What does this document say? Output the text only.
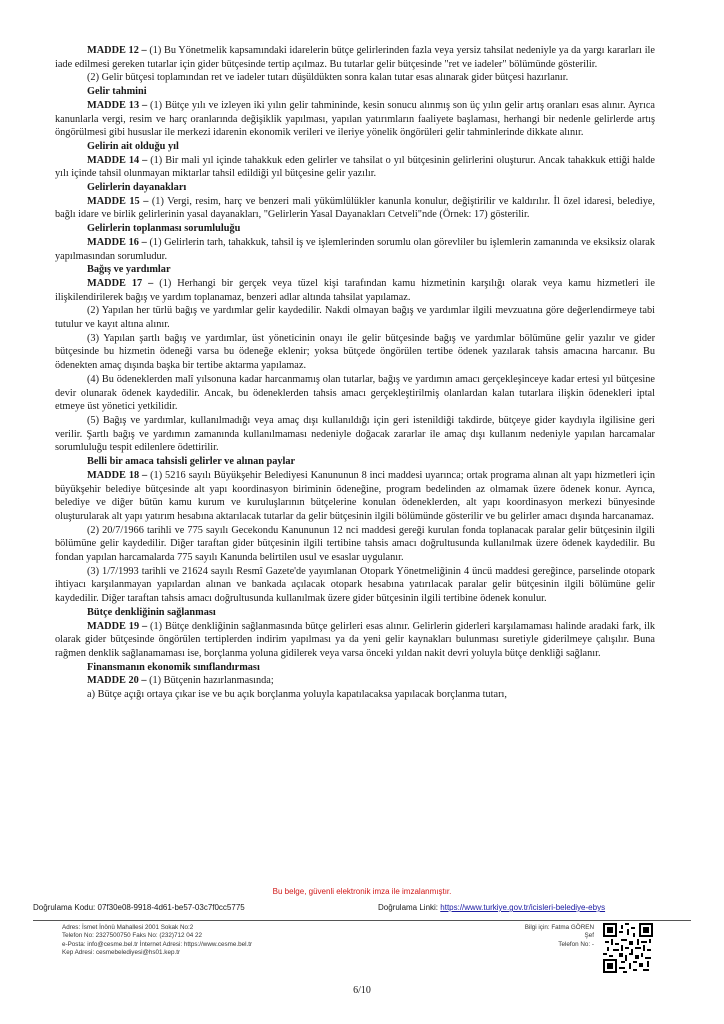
MADDE 12 – (1) Bu Yönetmelik kapsamındaki idarelerin bütçe gelirlerinden fazla veya yersiz tahsilat nedeniyle ya da yargı kararları ile iade edilmesi gereken tutarlar için gider bütçesinde tertip açılmaz. Bu tutarlar gelir bütçesinde "ret ve iadeler" bölümünde gösterilir.

(2) Gelir bütçesi toplamından ret ve iadeler tutarı düşüldükten sonra kalan tutar esas alınarak gider bütçesi hazırlanır.

Gelir tahmini

MADDE 13 – (1) Bütçe yılı ve izleyen iki yılın gelir tahmininde, kesin sonucu alınmış son üç yılın gelir artış oranları esas alınır. Ayrıca kanunlarla vergi, resim ve harç oranlarında değişiklik yapılması, yapılan yatırımların faaliyete başlaması, herhangi bir nedenle gelirlerde artış öngörülmesi gibi hususlar ile merkezi idarenin ekonomik verileri ve ileriye yönelik öngörüleri gelir tahminlerinde dikkate alınır.

Gelirin ait olduğu yıl

MADDE 14 – (1) Bir mali yıl içinde tahakkuk eden gelirler ve tahsilat o yıl bütçesinin gelirlerini oluşturur. Ancak tahakkuk ettiği halde yılı içinde tahsil olunmayan miktarlar tahsil edildiği yıl bütçesine gelir yazılır.

Gelirlerin dayanakları

MADDE 15 – (1) Vergi, resim, harç ve benzeri mali yükümlülükler kanunla konulur, değiştirilir ve kaldırılır. İl özel idaresi, belediye, bağlı idare ve birlik gelirlerinin yasal dayanakları, "Gelirlerin Yasal Dayanakları Cetveli"nde (Örnek: 17) gösterilir.

Gelirlerin toplanması sorumluluğu

MADDE 16 – (1) Gelirlerin tarh, tahakkuk, tahsil iş ve işlemlerinden sorumlu olan görevliler bu işlemlerin zamanında ve eksiksiz olarak yapılmasından sorumludur.

Bağış ve yardımlar

MADDE 17 – (1) Herhangi bir gerçek veya tüzel kişi tarafından kamu hizmetinin karşılığı olarak veya kamu hizmetleri ile ilişkilendirilerek bağış ve yardım toplanamaz, benzeri adlar altında tahsilat yapılamaz.

(2) Yapılan her türlü bağış ve yardımlar gelir kaydedilir. Nakdi olmayan bağış ve yardımlar ilgili mevzuatına göre değerlendirmeye tabi tutulur ve kayıt altına alınır.

(3) Yapılan şartlı bağış ve yardımlar, üst yöneticinin onayı ile gelir bütçesinde bağış ve yardımlar bölümüne gelir yazılır ve gider bütçesinde bu hizmetin ödeneği varsa bu ödeneğe eklenir; yoksa bütçede öngörülen tertibe ödenek yazılarak tahsis amacına harcanır. Bu ödenekten amaç dışında başka bir tertibe aktarma yapılamaz.

(4) Bu ödeneklerden malî yılsonuna kadar harcanmamış olan tutarlar, bağış ve yardımın amacı gerçekleşinceye kadar ertesi yıl bütçesine devir olunarak ödenek kaydedilir. Ancak, bu ödeneklerden tahsis amacı gerçekleştirilmiş olanlardan kalan tutarlara ilişkin ödenekleri iptal etmeye üst yönetici yetkilidir.

(5) Bağış ve yardımlar, kullanılmadığı veya amaç dışı kullanıldığı için geri istenildiği takdirde, bütçeye gider kaydıyla ilgilisine geri verilir. Şartlı bağış ve yardımın zamanında kullanılmaması nedeniyle doğacak zararlar ile amaç dışı kullanım nedeniyle yapılan harcamalar sorumluluğu tespit edilenlere ödettirilir.

Belli bir amaca tahsisli gelirler ve alınan paylar

MADDE 18 – (1) 5216 sayılı Büyükşehir Belediyesi Kanununun 8 inci maddesi uyarınca; ortak programa alınan alt yapı hizmetleri için büyükşehir belediye bütçesinde alt yapı koordinasyon biriminin ödeneğine, program bedelinden az olmamak üzere ödenek konur. Ayrıca, belediye ve diğer bütün kamu kurum ve kuruluşlarının bütçelerine konulan ödeneklerden, alt yapı koordinasyon merkezi bünyesinde oluşturularak alt yapı yatırım hesabına aktarılacak tutarlar da gelir bütçesinin ilgili bölümünde gösterilir ve bu gelirler amacı dışında harcanamaz.

(2) 20/7/1966 tarihli ve 775 sayılı Gecekondu Kanununun 12 nci maddesi gereği kurulan fonda toplanacak paralar gelir bütçesinin ilgili bölümüne gelir kaydedilir. Diğer taraftan gider bütçesinin ilgili tertibine tahsis amacı doğrultusunda kullanılmak üzere ödenek kaydedilir. Bu fondan yapılan harcamalarda 775 sayılı Kanunda belirtilen usul ve esaslar uygulanır.

(3) 1/7/1993 tarihli ve 21624 sayılı Resmî Gazete'de yayımlanan Otopark Yönetmeliğinin 4 üncü maddesi gereğince, parselinde otopark ihtiyacı karşılanmayan yapılardan alınan ve bankada açılacak otopark hesabına yatırılacak paralar gelir bütçesinin ilgili bölümüne gelir kaydedilir. Diğer taraftan tahsis amacı doğrultusunda kullanılmak üzere gider bütçesinin ilgili tertibine ödenek konulur.

Bütçe denkliğinin sağlanması

MADDE 19 – (1) Bütçe denkliğinin sağlanmasında bütçe gelirleri esas alınır. Gelirlerin giderleri karşılamaması halinde aradaki fark, ilk olarak gider bütçesinde öngörülen tertiplerden indirim yapılması ya da yeni gelir kaynakları bulunması suretiyle giderilmeye çalışılır. Buna rağmen denklik sağlanamaması ise, borçlanma yoluna gidilerek veya varsa önceki yıldan nakit devri yoluyla bütçe denkliği sağlanır.

Finansmanın ekonomik sınıflandırması

MADDE 20 – (1) Bütçenin hazırlanmasında;

a) Bütçe açığı ortaya çıkar ise ve bu açık borçlanma yoluyla kapatılacaksa yapılacak borçlanma tutarı,

Bu belge, güvenli elektronik imza ile imzalanmıştır.
Doğrulama Kodu: 07f30e08-9918-4d61-be57-03c7f0cc5775	Doğrulama Linki: https://www.turkiye.gov.tr/icisleri-belediye-ebys
Adres: İsmet İnönü Mahallesi 2001 Sokak No:2
Telefon No: 2327500750 Faks No: (232)712 04 22
e-Posta: info@cesme.bel.tr İnternet Adresi: https://www.cesme.bel.tr
Kep Adresi: cesmebelediyesi@hs01.kep.tr
Bilgi için: Fatma GÖREN
Şef
Telefon No: -
6/10
